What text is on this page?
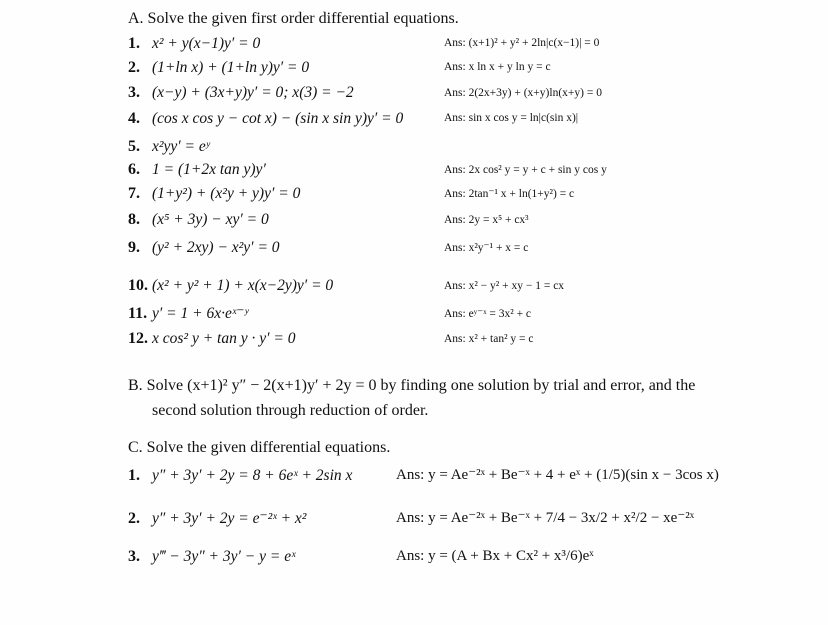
A. Solve the given first order differential equations.
1. x² + y(x−1)y′ = 0	Ans: (x+1)² + y² + 2ln|c(x−1)| = 0
2. (1+ln x) + (1+ln y)y′ = 0	Ans: x ln x + y ln y = c
3. (x−y) + (3x+y)y′ = 0; x(3) = −2	Ans: 2(2x+3y) + (x+y)ln(x+y) = 0
4. (cos x cos y − cot x) − (sin x sin y)y′ = 0	Ans: sin x cos y = ln|c(sin x)|
5. x²yy′ = eʸ
6. 1 = (1+2x tan y)y′	Ans: 2x cos² y = y + c + sin y cos y
7. (1+y²) + (x²y + y)y′ = 0	Ans: 2tan⁻¹ x + ln(1+y²) = c
8. (x⁵ + 3y) − xy′ = 0	Ans: 2y = x⁵ + cx³
9. (y² + 2xy) − x²y′ = 0	Ans: x²y⁻¹ + x = c
10. (x² + y² + 1) + x(x−2y)y′ = 0	Ans: x² − y² + xy − 1 = cx
11. y′ = 1 + 6x·eˣ⁻ʸ	Ans: eʸ⁻ˣ = 3x² + c
12. x cos² y + tan y · y′ = 0	Ans: x² + tan² y = c
B. Solve (x+1)² y″ − 2(x+1)y′ + 2y = 0 by finding one solution by trial and error, and the
second solution through reduction of order.
C. Solve the given differential equations.
1. y″ + 3y′ + 2y = 8 + 6eˣ + 2sin x	Ans: y = Ae⁻²ˣ + Be⁻ˣ + 4 + eˣ + (1/5)(sin x − 3cos x)
2. y″ + 3y′ + 2y = e⁻²ˣ + x²	Ans: y = Ae⁻²ˣ + Be⁻ˣ + 7/4 − 3x/2 + x²/2 − xe⁻²ˣ
3. y‴ − 3y″ + 3y′ − y = eˣ	Ans: y = (A + Bx + Cx² + x³/6)eˣ
